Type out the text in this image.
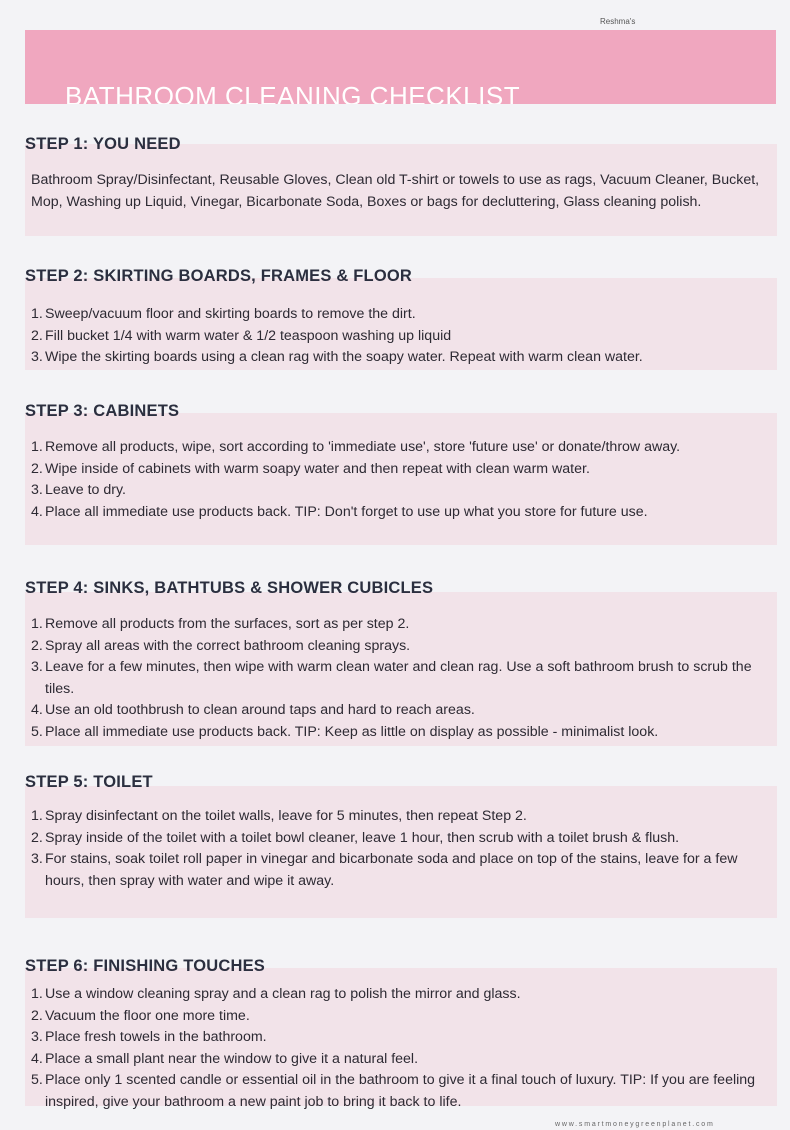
Reshma's
BATHROOM CLEANING CHECKLIST
STEP 1: YOU NEED

Bathroom Spray/Disinfectant, Reusable Gloves, Clean old T-shirt or towels to use as rags, Vacuum Cleaner, Bucket, Mop, Washing up Liquid, Vinegar, Bicarbonate Soda, Boxes or bags for decluttering, Glass cleaning polish.

STEP 2: SKIRTING BOARDS, FRAMES & FLOOR
1. Sweep/vacuum floor and skirting boards to remove the dirt.
2. Fill bucket 1/4 with warm water & 1/2 teaspoon washing up liquid
3. Wipe the skirting boards using a clean rag with the soapy water. Repeat with warm clean water.
STEP 3: CABINETS
1. Remove all products, wipe, sort according to 'immediate use', store 'future use' or donate/throw away.
2. Wipe inside of cabinets with warm soapy water and then repeat with clean warm water.
3. Leave to dry.
4. Place all immediate use products back. TIP: Don't forget to use up what you store for future use.
STEP 4: SINKS, BATHTUBS & SHOWER CUBICLES
1. Remove all products from the surfaces, sort as per step 2.
2. Spray all areas with the correct bathroom cleaning sprays.
3. Leave for a few minutes, then wipe with warm clean water and clean rag. Use a soft bathroom brush to scrub the tiles.
4. Use an old toothbrush to clean around taps and hard to reach areas.
5. Place all immediate use products back. TIP: Keep as little on display as possible - minimalist look.
STEP 5: TOILET
1. Spray disinfectant on the toilet walls, leave for 5 minutes, then repeat Step 2.
2. Spray inside of the toilet with a toilet bowl cleaner, leave 1 hour, then scrub with a toilet brush & flush.
3. For stains, soak toilet roll paper in vinegar and bicarbonate soda and place on top of the stains, leave for a few hours, then spray with water and wipe it away.
STEP 6: FINISHING TOUCHES
1. Use a window cleaning spray and a clean rag to polish the mirror and glass.
2. Vacuum the floor one more time.
3. Place fresh towels in the bathroom.
4. Place a small plant near the window to give it a natural feel.
5. Place only 1 scented candle or essential oil in the bathroom to give it a final touch of luxury. TIP: If you are feeling inspired, give your bathroom a new paint job to bring it back to life.
www.smartmoneygreenplanet.com
